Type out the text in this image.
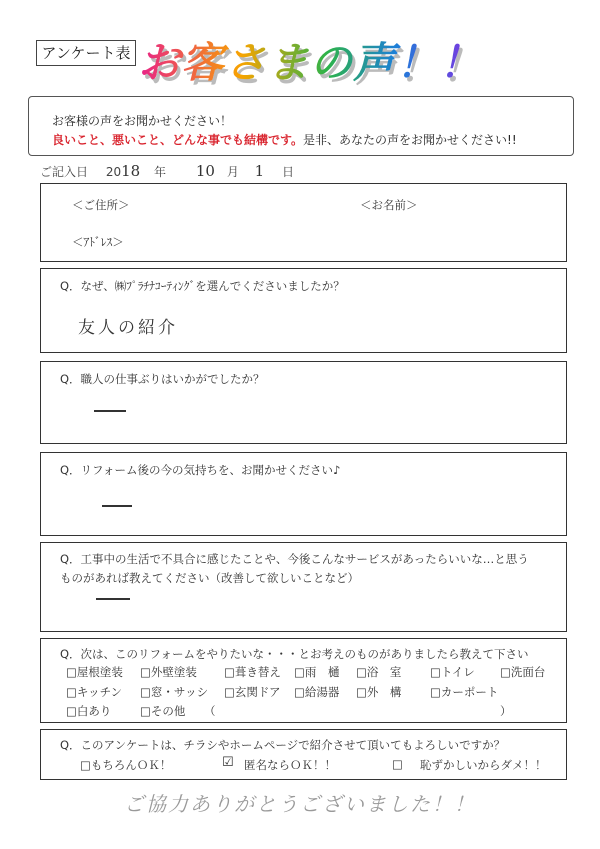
アンケート表 お客さまの声！！
お客様の声をお聞かせください！
良いこと、悪いこと、どんな事でも結構です。是非、あなたの声をお聞かせください!!
ご記入日 2018 年 10 月 1 日
＜ご住所＞	＜お名前＞
＜ｱﾄﾞﾚｽ＞
Q．なぜ、㈱ﾌﾟﾗﾁﾅｺｰﾃｨﾝｸﾞを選んでくださいましたか？
友人の紹介
Q．職人の仕事ぶりはいかがでしたか？
Q．リフォーム後の今の気持ちを、お聞かせください♪
Q．工事中の生活で不具合に感じたことや、今後こんなサービスがあったらいいな…と思う
ものがあれば教えてください（改善して欲しいことなど）
Q．次は、このリフォームをやりたいな・・・とお考えのものがありましたら教えて下さい
□屋根塗装 □外壁塗装 □葺き替え □雨　樋 □浴　室 □トイレ □洗面台
□キッチン □窓・サッシ □玄関ドア □給湯器 □外　構 □カーポート
□白あり □その他 （	）
Q．このアンケートは、チラシやホームページで紹介させて頂いてもよろしいですか？
□もちろんＯＫ！	☑ 匿名ならＯＫ！！	□ 恥ずかしいからダメ！！
ご協力ありがとうございました！！
